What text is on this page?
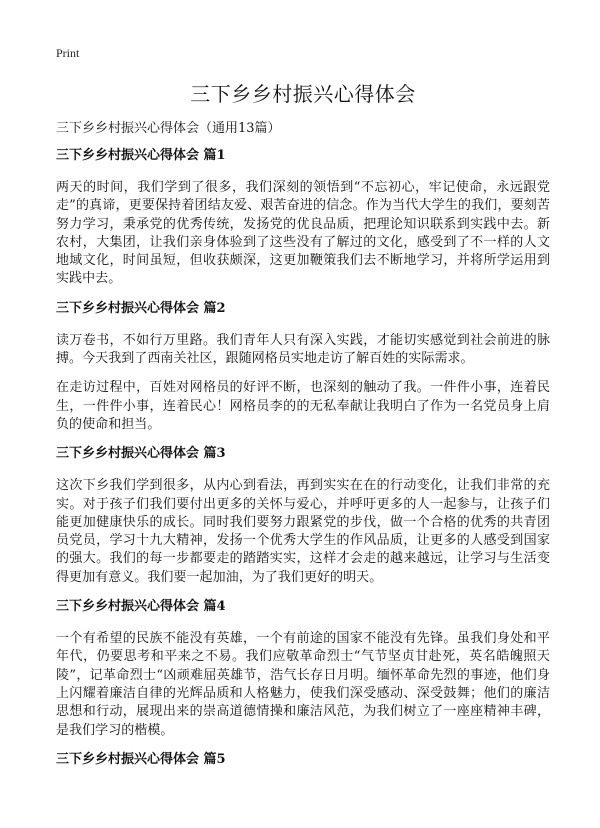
Print
三下乡乡村振兴心得体会
三下乡乡村振兴心得体会（通用13篇）
三下乡乡村振兴心得体会 篇1

两天的时间，我们学到了很多，我们深刻的领悟到“不忘初心，牢记使命，永远跟党走”的真谛，更要保持着团结友爱、艰苦奋进的信念。作为当代大学生的我们，要刻苦努力学习，秉承党的优秀传统，发扬党的优良品质，把理论知识联系到实践中去。新农村，大集团，让我们亲身体验到了这些没有了解过的文化，感受到了不一样的人文地域文化，时间虽短，但收获颇深，这更加鞭策我们去不断地学习，并将所学运用到实践中去。

三下乡乡村振兴心得体会 篇2

读万卷书，不如行万里路。我们青年人只有深入实践，才能切实感觉到社会前进的脉搏。今天我到了西南关社区，跟随网格员实地走访了解百姓的实际需求。

在走访过程中，百姓对网格员的好评不断，也深刻的触动了我。一件件小事，连着民生，一件件小事，连着民心！网格员李的的无私奉献让我明白了作为一名党员身上肩负的使命和担当。

三下乡乡村振兴心得体会 篇3

这次下乡我们学到很多，从内心到看法，再到实实在在的行动变化，让我们非常的充实。对于孩子们我们要付出更多的关怀与爱心，并呼吁更多的人一起参与，让孩子们能更加健康快乐的成长。同时我们要努力跟紧党的步伐，做一个合格的优秀的共青团员党员，学习十九大精神，发扬一个优秀大学生的作风品质，让更多的人感受到国家的强大。我们的每一步都要走的踏踏实实，这样才会走的越来越远，让学习与生活变得更加有意义。我们要一起加油，为了我们更好的明天。

三下乡乡村振兴心得体会 篇4

一个有希望的民族不能没有英雄，一个有前途的国家不能没有先锋。虽我们身处和平年代，仍要思考和平来之不易。我们应敬革命烈士“气节坚贞甘赴死，英名皓魄照天陵”，记革命烈士“凶顽难屈英雄节，浩气长存日月明。缅怀革命先烈的事迹，他们身上闪耀着廉洁自律的光辉品质和人格魅力，使我们深受感动、深受鼓舞；他们的廉洁思想和行动，展现出来的崇高道德情操和廉洁风范，为我们树立了一座座精神丰碑，是我们学习的楷模。

三下乡乡村振兴心得体会 篇5
